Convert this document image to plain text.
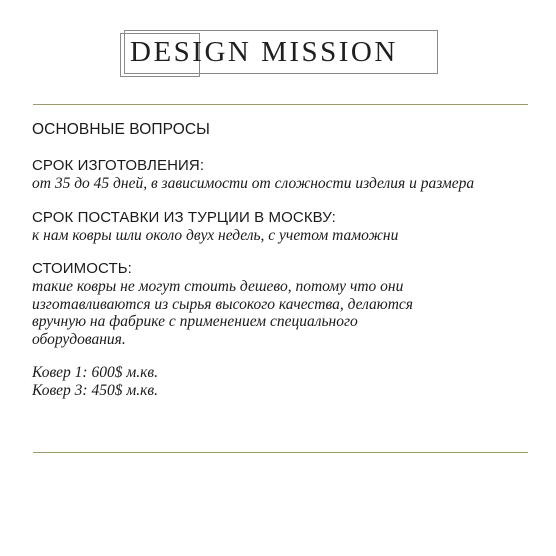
DESIGN MISSION
ОСНОВНЫЕ ВОПРОСЫ
СРОК ИЗГОТОВЛЕНИЯ:
от 35 до 45 дней, в зависимости от сложности изделия и размера
СРОК ПОСТАВКИ ИЗ ТУРЦИИ В МОСКВУ:
к нам ковры шли около двух недель, с учетом таможни
СТОИМОСТЬ:
такие ковры не могут стоить дешево, потому что они
изготавливаются из сырья высокого качества, делаются
вручную на фабрике с применением специального
оборудования.
Ковер 1: 600$ м.кв.
Ковер 3: 450$ м.кв.
